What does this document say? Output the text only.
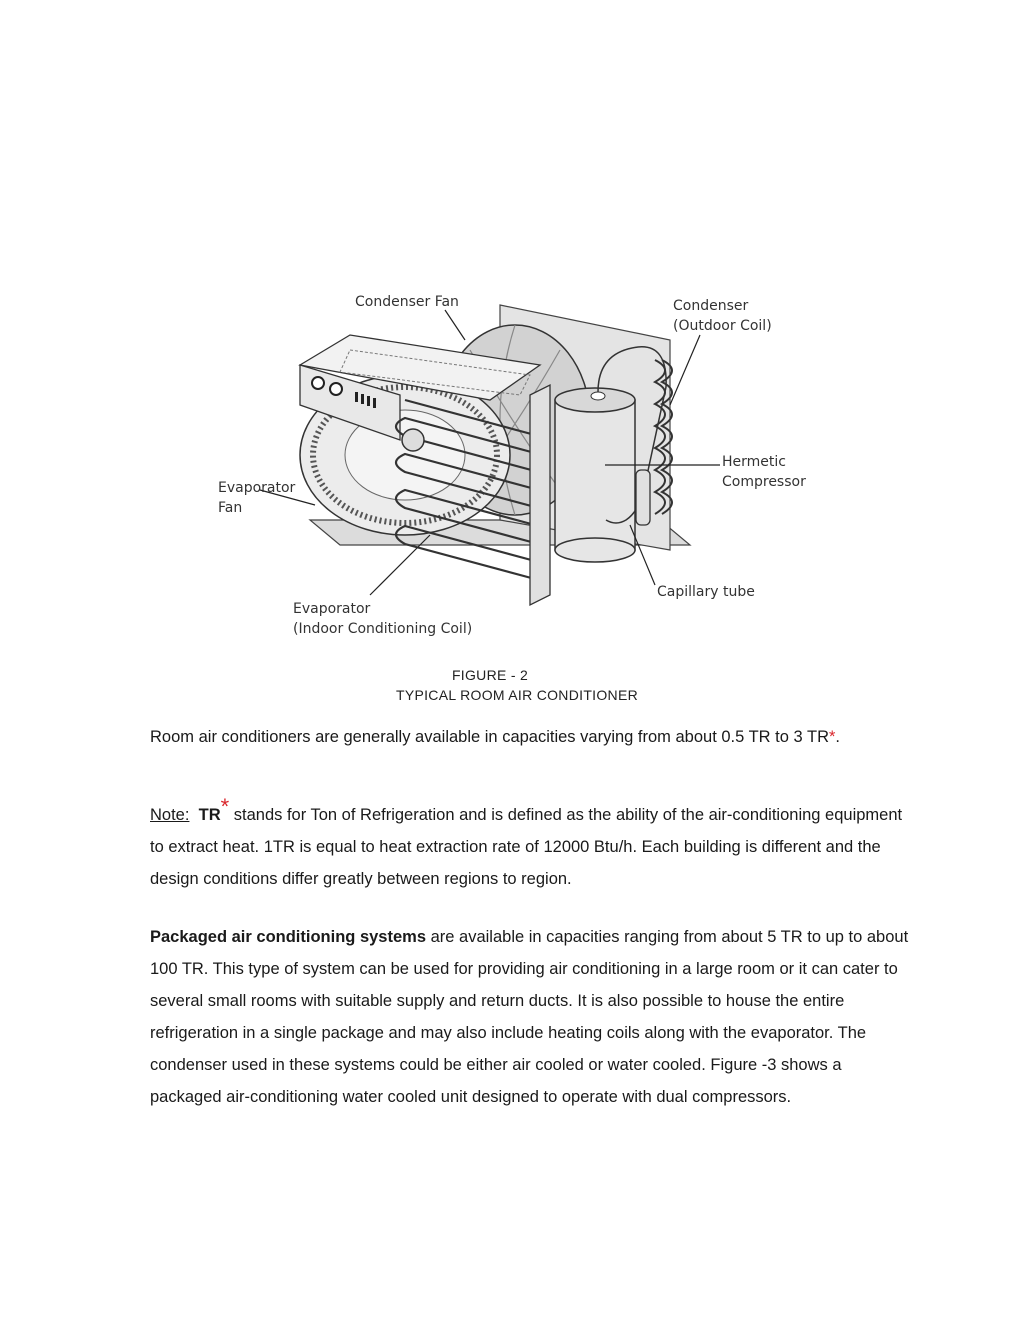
Condenser Fan	Condenser
(Outdoor Coil)
Hermetic
Compressor
Evaporator
Fan
Capillary tube
Evaporator
(Indoor Conditioning Coil)
FIGURE - 2
TYPICAL ROOM AIR CONDITIONER

Room air conditioners are generally available in capacities varying from about 0.5 TR to 3 TR*.

Note: TR* stands for Ton of Refrigeration and is defined as the ability of the air-conditioning equipment to extract heat. 1TR is equal to heat extraction rate of 12000 Btu/h. Each building is different and the design conditions differ greatly between regions to region.

Packaged air conditioning systems are available in capacities ranging from about 5 TR to up to about 100 TR. This type of system can be used for providing air conditioning in a large room or it can cater to several small rooms with suitable supply and return ducts. It is also possible to house the entire refrigeration in a single package and may also include heating coils along with the evaporator. The condenser used in these systems could be either air cooled or water cooled. Figure -3 shows a packaged air-conditioning water cooled unit designed to operate with dual compressors.
